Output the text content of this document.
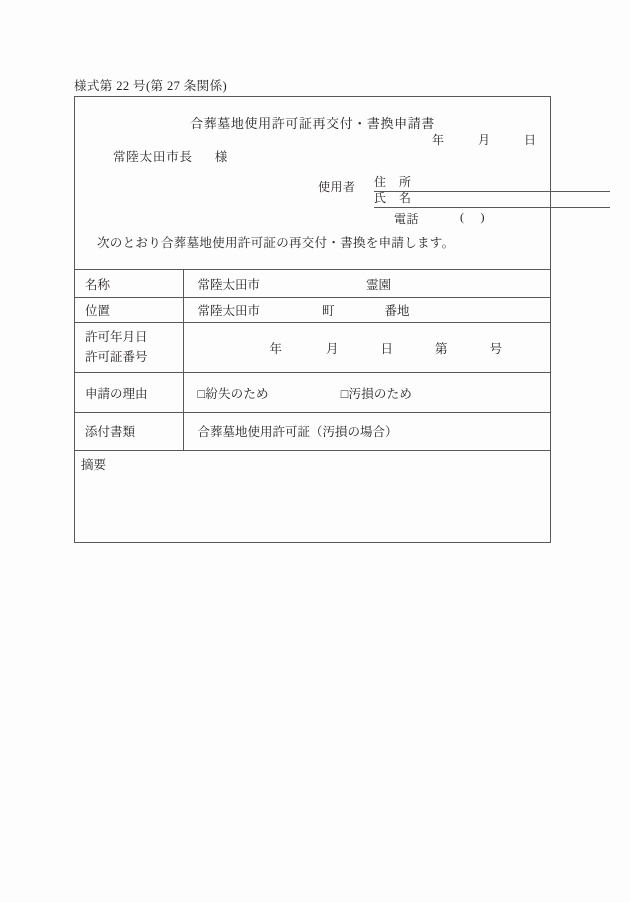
様式第 22 号(第 27 条関係)
合葬墓地使用許可証再交付・書換申請書
年	月	日
常陸太田市長 様
使用者 住　所
氏　名
電話	( )
次のとおり合葬墓地使用許可証の再交付・書換を申請します。
名称	常陸太田市 霊園

位置	常陸太田市 町 番地

許可年月日
許可証番号	年 月 日 第 号

申請の理由	□紛失のため □汚損のため

添付書類	合葬墓地使用許可証（汚損の場合）
摘要
